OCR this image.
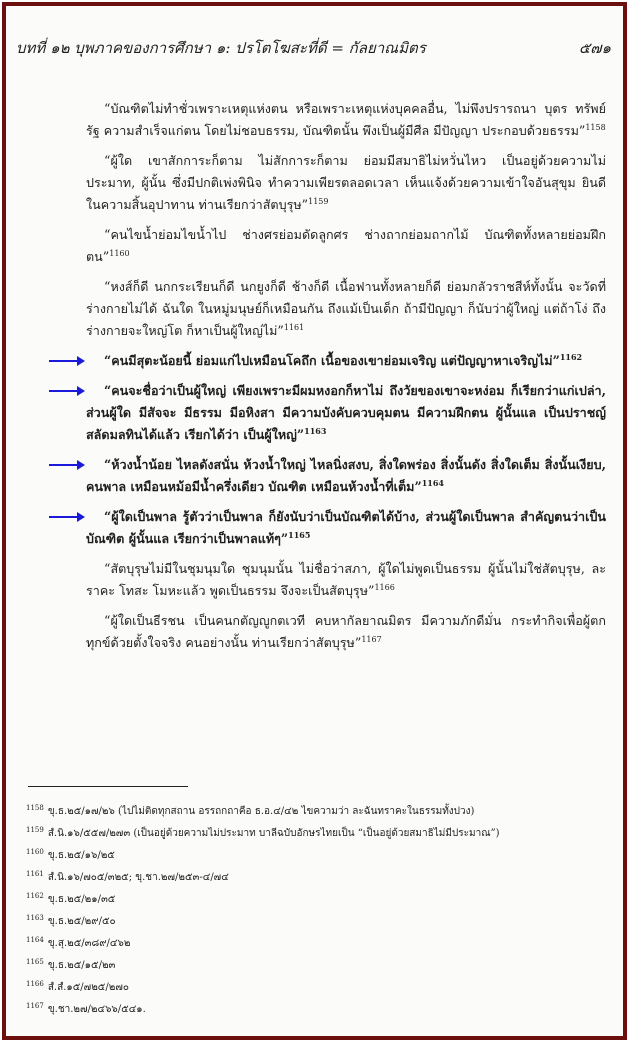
บทที่ ๑๒ บุพภาคของการศึกษา ๑: ปรโตโฆสะที่ดี = กัลยาณมิตร	๕๗๑
“บัณฑิตไม่ทำชั่วเพราะเหตุแห่งตน หรือเพราะเหตุแห่งบุคคลอื่น, ไม่พึงปรารถนา บุตร ทรัพย์ รัฐ ความสำเร็จแก่ตน โดยไม่ชอบธรรม, บัณฑิตนั้น พึงเป็นผู้มีศีล มีปัญญา ประกอบด้วยธรรม”$^{1158}$
“ผู้ใด เขาสักการะก็ตาม ไม่สักการะก็ตาม ย่อมมีสมาธิไม่หวั่นไหว เป็นอยู่ด้วยความไม่ประมาท, ผู้นั้น ซึ่งมีปกติเพ่งพินิจ ทำความเพียรตลอดเวลา เห็นแจ้งด้วยความเข้าใจอันสุขุม ยินดีในความสิ้นอุปาทาน ท่านเรียกว่าสัตบุรุษ”$^{1159}$
“คนไขน้ำย่อมไขน้ำไป ช่างศรย่อมดัดลูกศร ช่างถากย่อมถากไม้ บัณฑิตทั้งหลายย่อมฝึกตน”$^{1160}$
“หงส์ก็ดี นกกระเรียนก็ดี นกยูงก็ดี ช้างก็ดี เนื้อฟานทั้งหลายก็ดี ย่อมกลัวราชสีห์ทั้งนั้น จะวัดที่ร่างกายไม่ได้ ฉันใด ในหมู่มนุษย์ก็เหมือนกัน ถึงแม้เป็นเด็ก ถ้ามีปัญญา ก็นับว่าผู้ใหญ่ แต่ถ้าโง่ ถึงร่างกายจะใหญ่โต ก็หาเป็นผู้ใหญ่ไม่”$^{1161}$
“คนมีสุตะน้อยนี้ ย่อมแก่ไปเหมือนโคถึก เนื้อของเขาย่อมเจริญ แต่ปัญญาหาเจริญไม่”$^{1162}$
“คนจะชื่อว่าเป็นผู้ใหญ่ เพียงเพราะมีผมหงอกก็หาไม่ ถึงวัยของเขาจะหง่อม ก็เรียกว่าแก่เปล่า, ส่วนผู้ใด มีสัจจะ มีธรรม มีอหิงสา มีความบังคับควบคุมตน มีความฝึกตน ผู้นั้นแล เป็นปราชญ์ สลัดมลทินได้แล้ว เรียกได้ว่า เป็นผู้ใหญ่”$^{1163}$
“ห้วงน้ำน้อย ไหลดังสนั่น ห้วงน้ำใหญ่ ไหลนิ่งสงบ, สิ่งใดพร่อง สิ่งนั้นดัง สิ่งใดเต็ม สิ่งนั้นเงียบ, คนพาล เหมือนหม้อมีน้ำครึ่งเดียว บัณฑิต เหมือนห้วงน้ำที่เต็ม”$^{1164}$
“ผู้ใดเป็นพาล รู้ตัวว่าเป็นพาล ก็ยังนับว่าเป็นบัณฑิตได้บ้าง, ส่วนผู้ใดเป็นพาล สำคัญตนว่าเป็นบัณฑิต ผู้นั้นแล เรียกว่าเป็นพาลแท้ๆ”$^{1165}$
“สัตบุรุษไม่มีในชุมนุมใด ชุมนุมนั้น ไม่ชื่อว่าสภา, ผู้ใดไม่พูดเป็นธรรม ผู้นั้นไม่ใช่สัตบุรุษ, ละราคะ โทสะ โมหะแล้ว พูดเป็นธรรม จึงจะเป็นสัตบุรุษ”$^{1166}$
“ผู้ใดเป็นธีรชน เป็นคนกตัญญูกตเวที คบหากัลยาณมิตร มีความภักดีมั่น กระทำกิจเพื่อผู้ตกทุกข์ด้วยตั้งใจจริง คนอย่างนั้น ท่านเรียกว่าสัตบุรุษ”$^{1167}$
$^{1158}$ ขุ.ธ.๒๕/๑๗/๒๖ (ไปไม่ติดทุกสถาน อรรถกถาคือ ธ.อ.๔/๔๒ ไขความว่า ละฉันทราคะในธรรมทั้งปวง)
$^{1159}$ สํ.นิ.๑๖/๕๕๗/๒๗๓ (เป็นอยู่ด้วยความไม่ประมาท บาลีฉบับอักษรไทยเป็น “เป็นอยู่ด้วยสมาธิไม่มีประมาณ”)
$^{1160}$ ขุ.ธ.๒๕/๑๖/๒๕
$^{1161}$ สํ.นิ.๑๖/๗๐๕/๓๒๕; ขุ.ชา.๒๗/๒๕๓-๔/๗๔
$^{1162}$ ขุ.ธ.๒๕/๒๑/๓๕
$^{1163}$ ขุ.ธ.๒๕/๒๙/๕๐
$^{1164}$ ขุ.สุ.๒๕/๓๘๙/๔๖๒
$^{1165}$ ขุ.ธ.๒๕/๑๕/๒๓
$^{1166}$ สํ.สํ.๑๕/๗๒๕/๒๗๐
$^{1167}$ ขุ.ชา.๒๗/๒๔๖๖/๕๔๑.
